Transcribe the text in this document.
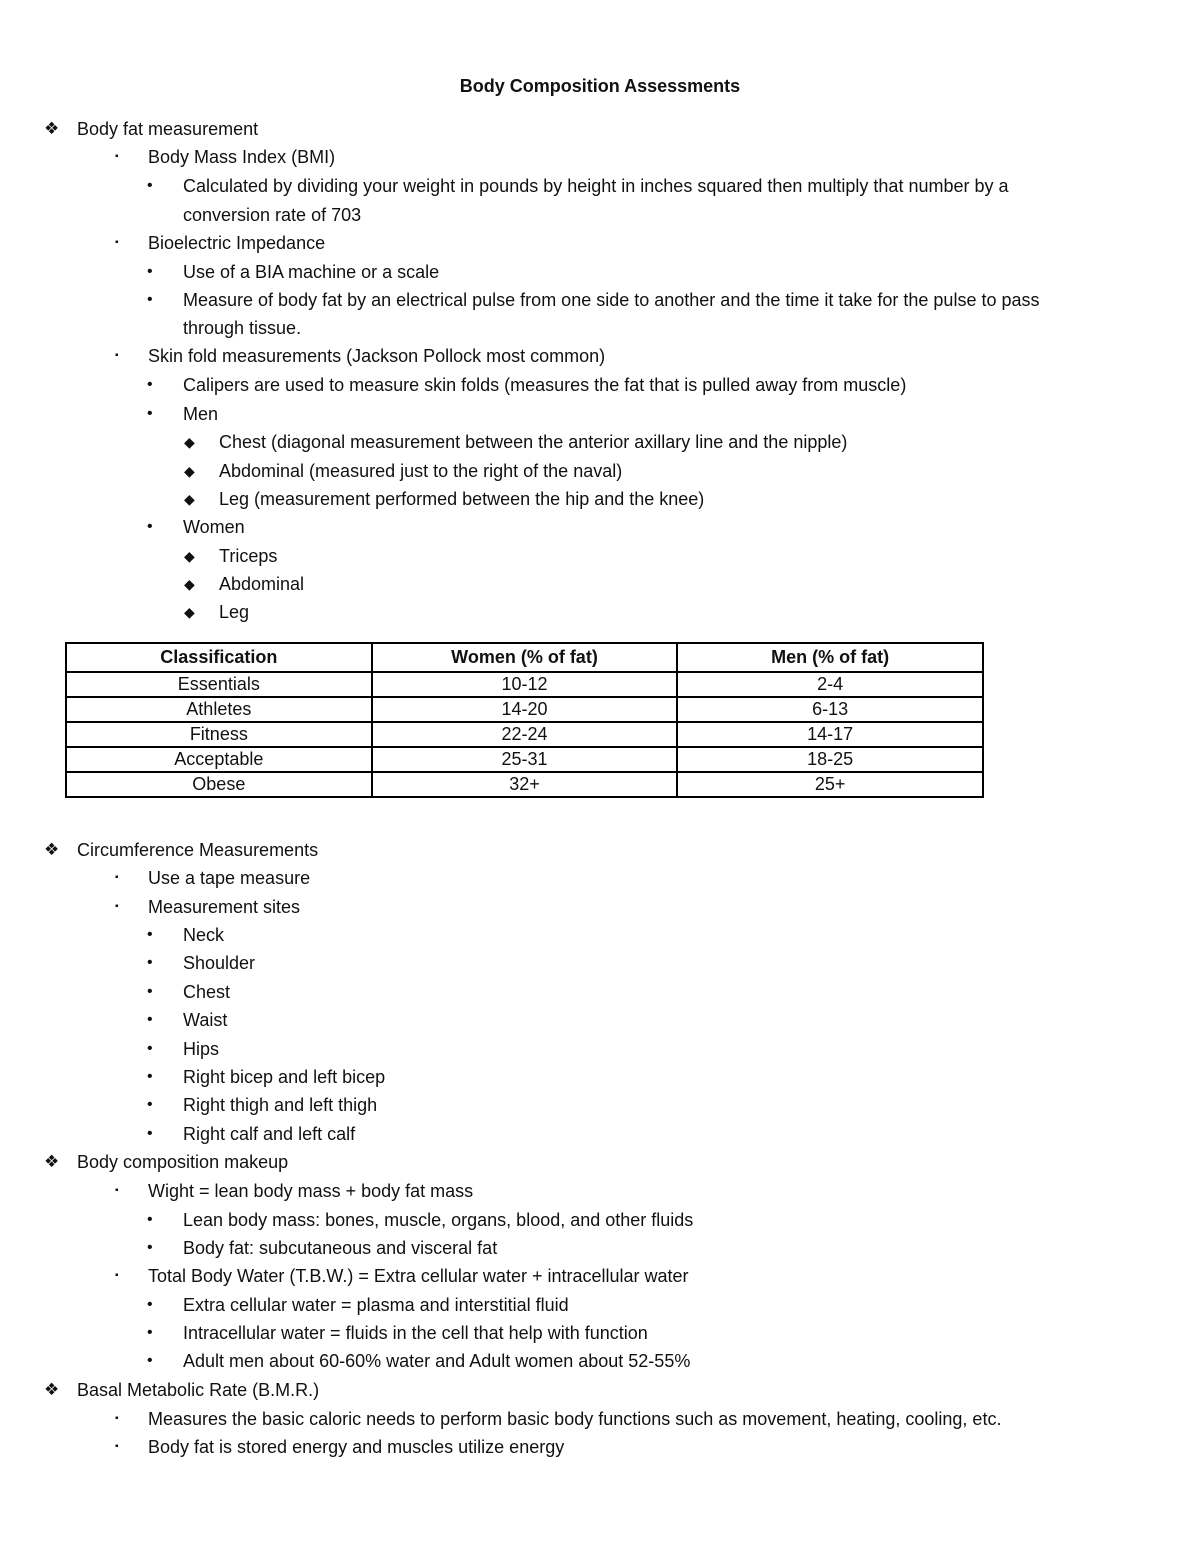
Body Composition Assessments
❖ Body fat measurement
▪ Body Mass Index (BMI)
• Calculated by dividing your weight in pounds by height in inches squared then multiply that number by a
conversion rate of 703
▪ Bioelectric Impedance
• Use of a BIA machine or a scale
• Measure of body fat by an electrical pulse from one side to another and the time it take for the pulse to pass
through tissue.
▪ Skin fold measurements (Jackson Pollock most common)
• Calipers are used to measure skin folds (measures the fat that is pulled away from muscle)
• Men
◆ Chest (diagonal measurement between the anterior axillary line and the nipple)
◆ Abdominal (measured just to the right of the naval)
◆ Leg (measurement performed between the hip and the knee)
• Women
◆ Triceps
◆ Abdominal
◆ Leg
Classification	Women (% of fat)	Men (% of fat)
Essentials	10-12	2-4
Athletes	14-20	6-13
Fitness	22-24	14-17
Acceptable	25-31	18-25
Obese	32+	25+
❖ Circumference Measurements
▪ Use a tape measure
▪ Measurement sites
• Neck
• Shoulder
• Chest
• Waist
• Hips
• Right bicep and left bicep
• Right thigh and left thigh
• Right calf and left calf
❖ Body composition makeup
▪ Wight = lean body mass + body fat mass
• Lean body mass: bones, muscle, organs, blood, and other fluids
• Body fat: subcutaneous and visceral fat
▪ Total Body Water (T.B.W.) = Extra cellular water + intracellular water
• Extra cellular water = plasma and interstitial fluid
• Intracellular water = fluids in the cell that help with function
• Adult men about 60-60% water and Adult women about 52-55%
❖ Basal Metabolic Rate (B.M.R.)
▪ Measures the basic caloric needs to perform basic body functions such as movement, heating, cooling, etc.
▪ Body fat is stored energy and muscles utilize energy
